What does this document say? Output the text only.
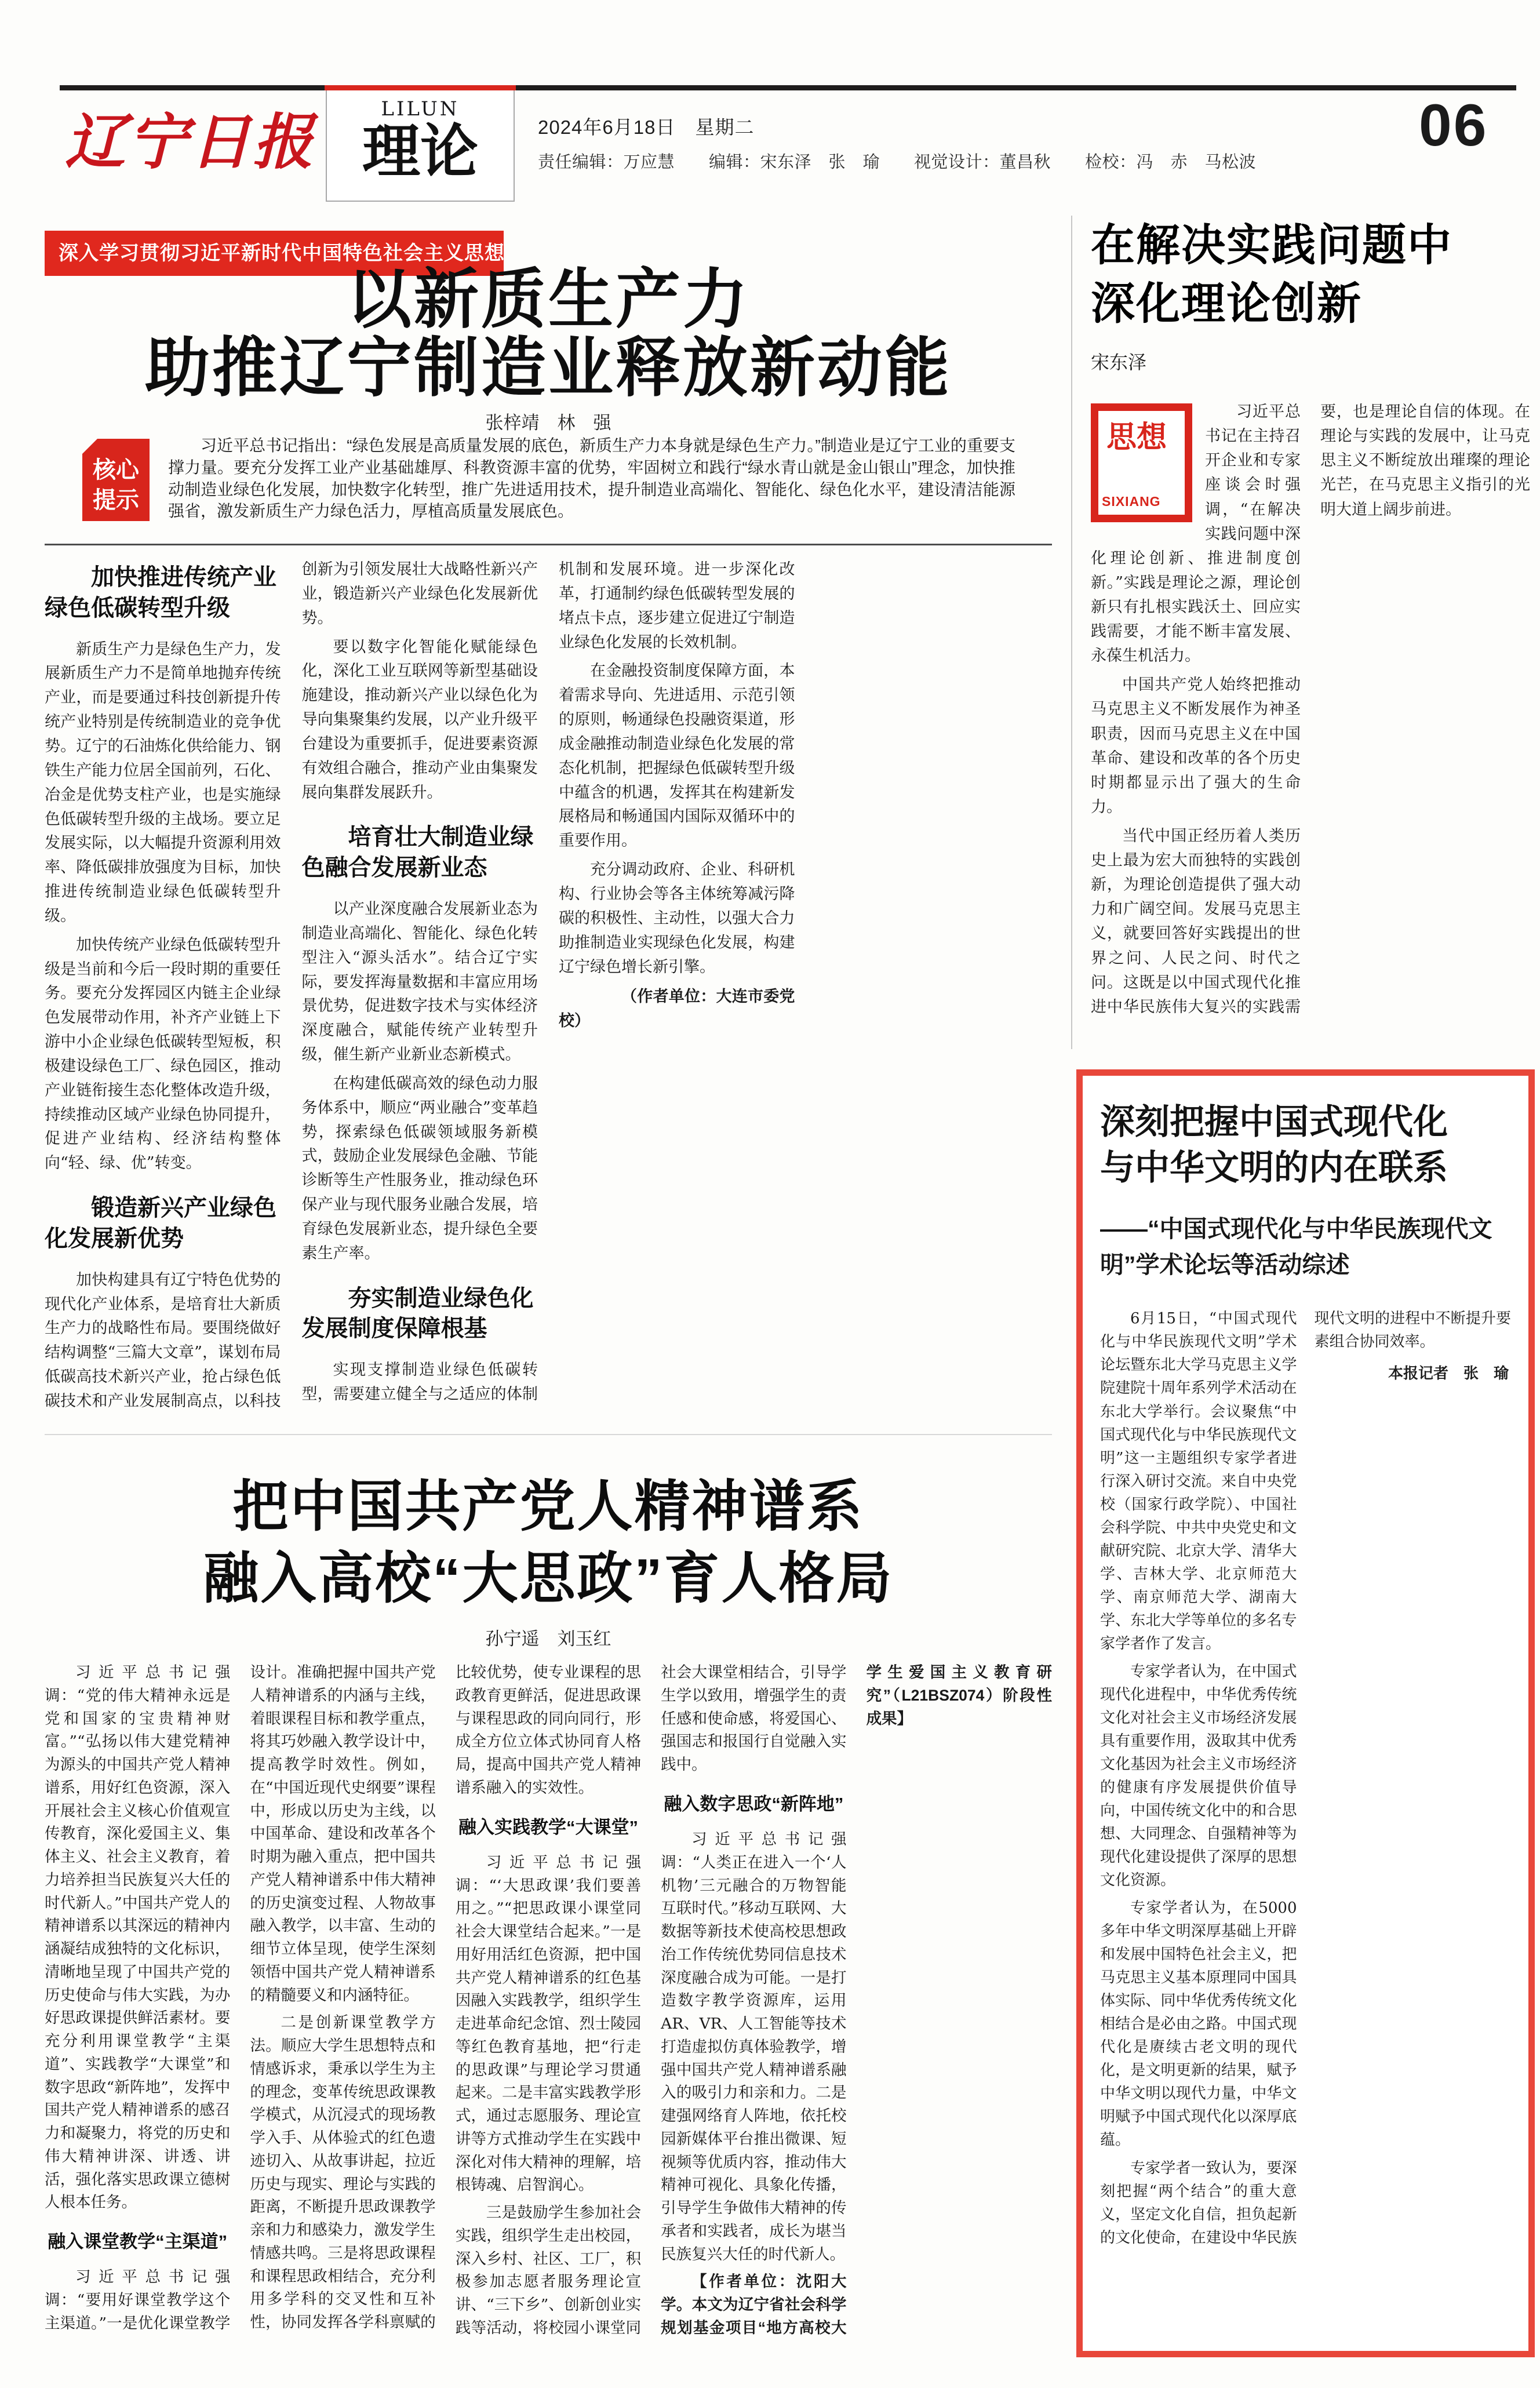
辽宁日报	LILUN
理论	2024年6月18日　星期二
责任编辑：万应慧　　编辑：宋东泽　张　瑜　　视觉设计：董昌秋　　检校：冯　赤　马松波
06
深入学习贯彻习近平新时代中国特色社会主义思想
以新质生产力
助推辽宁制造业释放新动能
张梓靖　林　强
核心
提示
习近平总书记指出：“绿色发展是高质量发展的底色，新质生产力本身就是绿色生产力。”制造业是辽宁工业的重要支撑力量。要充分发挥工业产业基础雄厚、科教资源丰富的优势，牢固树立和践行“绿水青山就是金山银山”理念，加快推动制造业绿色化发展，加快数字化转型，推广先进适用技术，提升制造业高端化、智能化、绿色化水平，建设清洁能源强省，激发新质生产力绿色活力，厚植高质量发展底色。
加快推进传统产业绿色低碳转型升级

新质生产力是绿色生产力，发展新质生产力不是简单地抛弃传统产业，而是要通过科技创新提升传统产业特别是传统制造业的竞争优势。辽宁的石油炼化供给能力、钢铁生产能力位居全国前列，石化、冶金是优势支柱产业，也是实施绿色低碳转型升级的主战场。要立足发展实际，以大幅提升资源利用效率、降低碳排放强度为目标，加快推进传统制造业绿色低碳转型升级。

加快传统产业绿色低碳转型升级是当前和今后一段时期的重要任务。要充分发挥园区内链主企业绿色发展带动作用，补齐产业链上下游中小企业绿色低碳转型短板，积极建设绿色工厂、绿色园区，推动产业链衔接生态化整体改造升级，持续推动区域产业绿色协同提升，促进产业结构、经济结构整体向“轻、绿、优”转变。

锻造新兴产业绿色化发展新优势

加快构建具有辽宁特色优势的现代化产业体系，是培育壮大新质生产力的战略性布局。要围绕做好结构调整“三篇大文章”，谋划布局低碳高技术新兴产业，抢占绿色低碳技术和产业发展制高点，以科技创新为引领发展壮大战略性新兴产业，锻造新兴产业绿色化发展新优势。

要以数字化智能化赋能绿色化，深化工业互联网等新型基础设施建设，推动新兴产业以绿色化为导向集聚集约发展，以产业升级平台建设为重要抓手，促进要素资源有效组合融合，推动产业由集聚发展向集群发展跃升。

培育壮大制造业绿色融合发展新业态

以产业深度融合发展新业态为制造业高端化、智能化、绿色化转型注入“源头活水”。结合辽宁实际，要发挥海量数据和丰富应用场景优势，促进数字技术与实体经济深度融合，赋能传统产业转型升级，催生新产业新业态新模式。

在构建低碳高效的绿色动力服务体系中，顺应“两业融合”变革趋势，探索绿色低碳领域服务新模式，鼓励企业发展绿色金融、节能诊断等生产性服务业，推动绿色环保产业与现代服务业融合发展，培育绿色发展新业态，提升绿色全要素生产率。

夯实制造业绿色化发展制度保障根基

实现支撑制造业绿色低碳转型，需要建立健全与之适应的体制机制和发展环境。进一步深化改革，打通制约绿色低碳转型发展的堵点卡点，逐步建立促进辽宁制造业绿色化发展的长效机制。

在金融投资制度保障方面，本着需求导向、先进适用、示范引领的原则，畅通绿色投融资渠道，形成金融推动制造业绿色化发展的常态化机制，把握绿色低碳转型升级中蕴含的机遇，发挥其在构建新发展格局和畅通国内国际双循环中的重要作用。

充分调动政府、企业、科研机构、行业协会等各主体统筹减污降碳的积极性、主动性，以强大合力助推制造业实现绿色化发展，构建辽宁绿色增长新引擎。

（作者单位：大连市委党校）

在解决实践问题中
深化理论创新
宋东泽
思想
SIXIANG

习近平总书记在主持召开企业和专家座谈会时强调，“在解决实践问题中深化理论创新、推进制度创新。”实践是理论之源，理论创新只有扎根实践沃土、回应实践需要，才能不断丰富发展、永葆生机活力。

中国共产党人始终把推动马克思主义不断发展作为神圣职责，因而马克思主义在中国革命、建设和改革的各个历史时期都显示出了强大的生命力。

当代中国正经历着人类历史上最为宏大而独特的实践创新，为理论创造提供了强大动力和广阔空间。发展马克思主义，就要回答好实践提出的世界之问、人民之问、时代之问。这既是以中国式现代化推进中华民族伟大复兴的实践需要，也是理论自信的体现。在理论与实践的发展中，让马克思主义不断绽放出璀璨的理论光芒，在马克思主义指引的光明大道上阔步前进。

深刻把握中国式现代化
与中华文明的内在联系
——“中国式现代化与中华民族现代文明”学术论坛等活动综述

6月15日，“中国式现代化与中华民族现代文明”学术论坛暨东北大学马克思主义学院建院十周年系列学术活动在东北大学举行。会议聚焦“中国式现代化与中华民族现代文明”这一主题组织专家学者进行深入研讨交流。来自中央党校（国家行政学院）、中国社会科学院、中共中央党史和文献研究院、北京大学、清华大学、吉林大学、北京师范大学、南京师范大学、湖南大学、东北大学等单位的多名专家学者作了发言。

专家学者认为，在中国式现代化进程中，中华优秀传统文化对社会主义市场经济发展具有重要作用，汲取其中优秀文化基因为社会主义市场经济的健康有序发展提供价值导向，中国传统文化中的和合思想、大同理念、自强精神等为现代化建设提供了深厚的思想文化资源。

专家学者认为，在5000多年中华文明深厚基础上开辟和发展中国特色社会主义，把马克思主义基本原理同中国具体实际、同中华优秀传统文化相结合是必由之路。中国式现代化是赓续古老文明的现代化，是文明更新的结果，赋予中华文明以现代力量，中华文明赋予中国式现代化以深厚底蕴。

专家学者一致认为，要深刻把握“两个结合”的重大意义，坚定文化自信，担负起新的文化使命，在建设中华民族现代文明的进程中不断提升要素组合协同效率。

本报记者　张　瑜

把中国共产党人精神谱系
融入高校“大思政”育人格局
孙宁遥　刘玉红

习近平总书记强调：“党的伟大精神永远是党和国家的宝贵精神财富。”“弘扬以伟大建党精神为源头的中国共产党人精神谱系，用好红色资源，深入开展社会主义核心价值观宣传教育，深化爱国主义、集体主义、社会主义教育，着力培养担当民族复兴大任的时代新人。”中国共产党人的精神谱系以其深远的精神内涵凝结成独特的文化标识，清晰地呈现了中国共产党的历史使命与伟大实践，为办好思政课提供鲜活素材。要充分利用课堂教学“主渠道”、实践教学“大课堂”和数字思政“新阵地”，发挥中国共产党人精神谱系的感召力和凝聚力，将党的历史和伟大精神讲深、讲透、讲活，强化落实思政课立德树人根本任务。

融入课堂教学“主渠道”

习近平总书记强调：“要用好课堂教学这个主渠道。”一是优化课堂教学设计。准确把握中国共产党人精神谱系的内涵与主线，着眼课程目标和教学重点，将其巧妙融入教学设计中，提高教学时效性。例如，在“中国近现代史纲要”课程中，形成以历史为主线，以中国革命、建设和改革各个时期为融入重点，把中国共产党人精神谱系中伟大精神的历史演变过程、人物故事融入教学，以丰富、生动的细节立体呈现，使学生深刻领悟中国共产党人精神谱系的精髓要义和内涵特征。

二是创新课堂教学方法。顺应大学生思想特点和情感诉求，秉承以学生为主的理念，变革传统思政课教学模式，从沉浸式的现场教学入手、从体验式的红色遗迹切入、从故事讲起，拉近历史与现实、理论与实践的距离，不断提升思政课教学亲和力和感染力，激发学生情感共鸣。三是将思政课程和课程思政相结合，充分利用多学科的交叉性和互补性，协同发挥各学科禀赋的比较优势，使专业课程的思政教育更鲜活，促进思政课与课程思政的同向同行，形成全方位立体式协同育人格局，提高中国共产党人精神谱系融入的实效性。

融入实践教学“大课堂”

习近平总书记强调：“‘大思政课’我们要善用之。”“把思政课小课堂同社会大课堂结合起来。”一是用好用活红色资源，把中国共产党人精神谱系的红色基因融入实践教学，组织学生走进革命纪念馆、烈士陵园等红色教育基地，把“行走的思政课”与理论学习贯通起来。二是丰富实践教学形式，通过志愿服务、理论宣讲等方式推动学生在实践中深化对伟大精神的理解，培根铸魂、启智润心。

三是鼓励学生参加社会实践，组织学生走出校园，深入乡村、社区、工厂，积极参加志愿者服务理论宣讲、“三下乡”、创新创业实践等活动，将校园小课堂同社会大课堂相结合，引导学生学以致用，增强学生的责任感和使命感，将爱国心、强国志和报国行自觉融入实践中。

融入数字思政“新阵地”

习近平总书记强调：“人类正在进入一个‘人机物’三元融合的万物智能互联时代。”移动互联网、大数据等新技术使高校思想政治工作传统优势同信息技术深度融合成为可能。一是打造数字教学资源库，运用AR、VR、人工智能等技术打造虚拟仿真体验教学，增强中国共产党人精神谱系融入的吸引力和亲和力。二是建强网络育人阵地，依托校园新媒体平台推出微课、短视频等优质内容，推动伟大精神可视化、具象化传播，引导学生争做伟大精神的传承者和实践者，成长为堪当民族复兴大任的时代新人。

【作者单位：沈阳大学。本文为辽宁省社会科学规划基金项目“地方高校大学生爱国主义教育研究”（L21BSZ074）阶段性成果】
